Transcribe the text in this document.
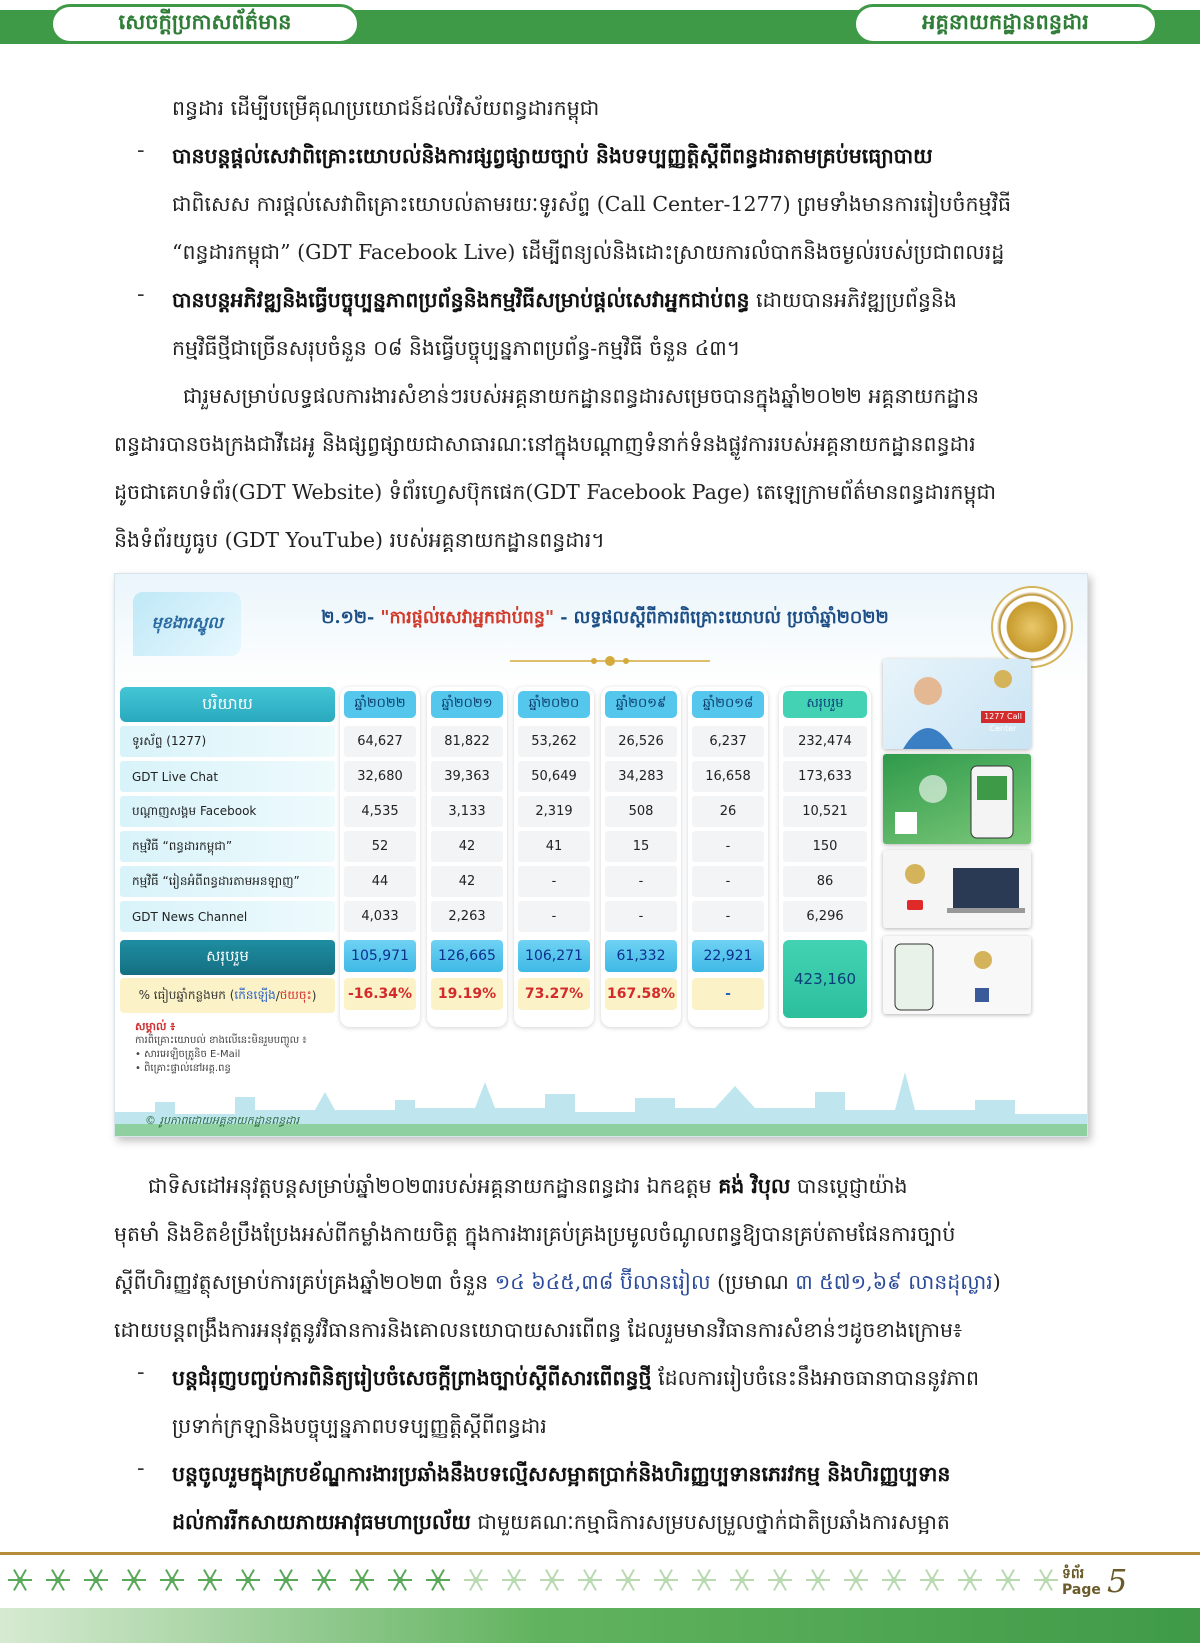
សេចក្តីប្រកាសព័ត៌មាន	អគ្គនាយកដ្ឋានពន្ធដារ
ពន្ធដារ ដើម្បីបម្រើគុណប្រយោជន៍ដល់វិស័យពន្ធដារកម្ពុជា
- បានបន្តផ្តល់សេវាពិគ្រោះយោបល់និងការផ្សព្វផ្សាយច្បាប់ និងបទប្បញ្ញត្តិស្តីពីពន្ធដារតាមគ្រប់មធ្យោបាយ
ជាពិសេស ការផ្តល់សេវាពិគ្រោះយោបល់តាមរយៈទូរស័ព្ទ (Call Center-1277) ព្រមទាំងមានការរៀបចំកម្មវិធី
“ពន្ធដារកម្ពុជា” (GDT Facebook Live) ដើម្បីពន្យល់និងដោះស្រាយការលំបាកនិងចម្ងល់របស់ប្រជាពលរដ្ឋ
- បានបន្តអភិវឌ្ឍនិងធ្វើបច្ចុប្បន្នភាពប្រព័ន្ធនិងកម្មវិធីសម្រាប់ផ្តល់សេវាអ្នកជាប់ពន្ធ ដោយបានអភិវឌ្ឍប្រព័ន្ធនិង
កម្មវិធីថ្មីជាច្រើនសរុបចំនួន ០៨ និងធ្វើបច្ចុប្បន្នភាពប្រព័ន្ធ-កម្មវិធី ចំនួន ៤៣។
ជារួមសម្រាប់លទ្ធផលការងារសំខាន់ៗរបស់អគ្គនាយកដ្ឋានពន្ធដារសម្រេចបានក្នុងឆ្នាំ២០២២ អគ្គនាយកដ្ឋាន
ពន្ធដារបានចងក្រងជាវីដេអូ និងផ្សព្វផ្សាយជាសាធារណៈនៅក្នុងបណ្តាញទំនាក់ទំនងផ្លូវការរបស់អគ្គនាយកដ្ឋានពន្ធដារ
ដូចជាគេហទំព័រ(GDT Website) ទំព័រហ្វេសប៊ុកផេក(GDT Facebook Page) តេឡេក្រាមព័ត៌មានពន្ធដារកម្ពុជា
និងទំព័រយូធូប (GDT YouTube) របស់អគ្គនាយកដ្ឋានពន្ធដារ។
មុខងារស្នូល	២.១២- "ការផ្តល់សេវាអ្នកជាប់ពន្ធ" - លទ្ធផលស្តីពីការពិគ្រោះយោបល់ ប្រចាំឆ្នាំ២០២២
បរិយាយ
ទូរស័ព្ទ (1277)
GDT Live Chat
បណ្តាញសង្គម Facebook
កម្មវិធី “ពន្ធដារកម្ពុជា”
កម្មវិធី “រៀនអំពីពន្ធដារតាមអនឡាញ”
GDT News Channel
សរុបរួម
% ធៀបឆ្នាំកន្លងមក ( កើនឡើង / ថយចុះ )
ឆ្នាំ២០២២
64,627
32,680
4,535
52
44
4,033
105,971
-16.34%
ឆ្នាំ២០២១
81,822
39,363
3,133
42
42
2,263
126,665
19.19%
ឆ្នាំ២០២០
53,262
50,649
2,319
41
-
-
106,271
73.27%
ឆ្នាំ២០១៩
26,526
34,283
508
15
-
-
61,332
167.58%
ឆ្នាំ២០១៨
6,237
16,658
26
-
-
-
22,921
-
សរុបរួម
232,474
173,633
10,521
150
86
6,296
423,160
1277 Call Center
សម្គាល់ ៖
ការពិគ្រោះយោបល់ ខាងលើនេះមិនរួមបញ្ចូល ៖
• សារអេឡិចត្រូនិច E-Mail
• ពិគ្រោះផ្ទាល់នៅអគ្គ.ពន្ធ
© រូបភាពដោយអគ្គនាយកដ្ឋានពន្ធដារ
ជាទិសដៅអនុវត្តបន្តសម្រាប់ឆ្នាំ២០២៣របស់អគ្គនាយកដ្ឋានពន្ធដារ ឯកឧត្តម គង់ វិបុល បានប្តេជ្ញាយ៉ាង
មុតមាំ និងខិតខំប្រឹងប្រែងអស់ពីកម្លាំងកាយចិត្ត ក្នុងការងារគ្រប់គ្រងប្រមូលចំណូលពន្ធឱ្យបានគ្រប់តាមផែនការច្បាប់
ស្តីពីហិរញ្ញវត្ថុសម្រាប់ការគ្រប់គ្រងឆ្នាំ២០២៣ ចំនួន ១៤ ៦៤៥,៣៨ ប៊ីលានរៀល (ប្រមាណ ៣ ៥៧១,៦៩ លានដុល្លារ)
ដោយបន្តពង្រឹងការអនុវត្តនូវវិធានការនិងគោលនយោបាយសារពើពន្ធ ដែលរួមមានវិធានការសំខាន់ៗដូចខាងក្រោម៖
- បន្តជំរុញបញ្ចប់ការពិនិត្យរៀបចំសេចក្តីព្រាងច្បាប់ស្តីពីសារពើពន្ធថ្មី ដែលការរៀបចំនេះនឹងអាចធានាបាននូវភាព
ប្រទាក់ក្រឡានិងបច្ចុប្បន្នភាពបទប្បញ្ញត្តិស្តីពីពន្ធដារ
- បន្តចូលរួមក្នុងក្របខ័ណ្ឌការងារប្រឆាំងនឹងបទល្មើសសម្អាតប្រាក់និងហិរញ្ញប្បទានភេរវកម្ម និងហិរញ្ញប្បទាន
ដល់ការរីកសាយភាយអាវុធមហាប្រល័យ ជាមួយគណៈកម្មាធិការសម្របសម្រួលថ្នាក់ជាតិប្រឆាំងការសម្អាត
ទំព័រ
Page 5
